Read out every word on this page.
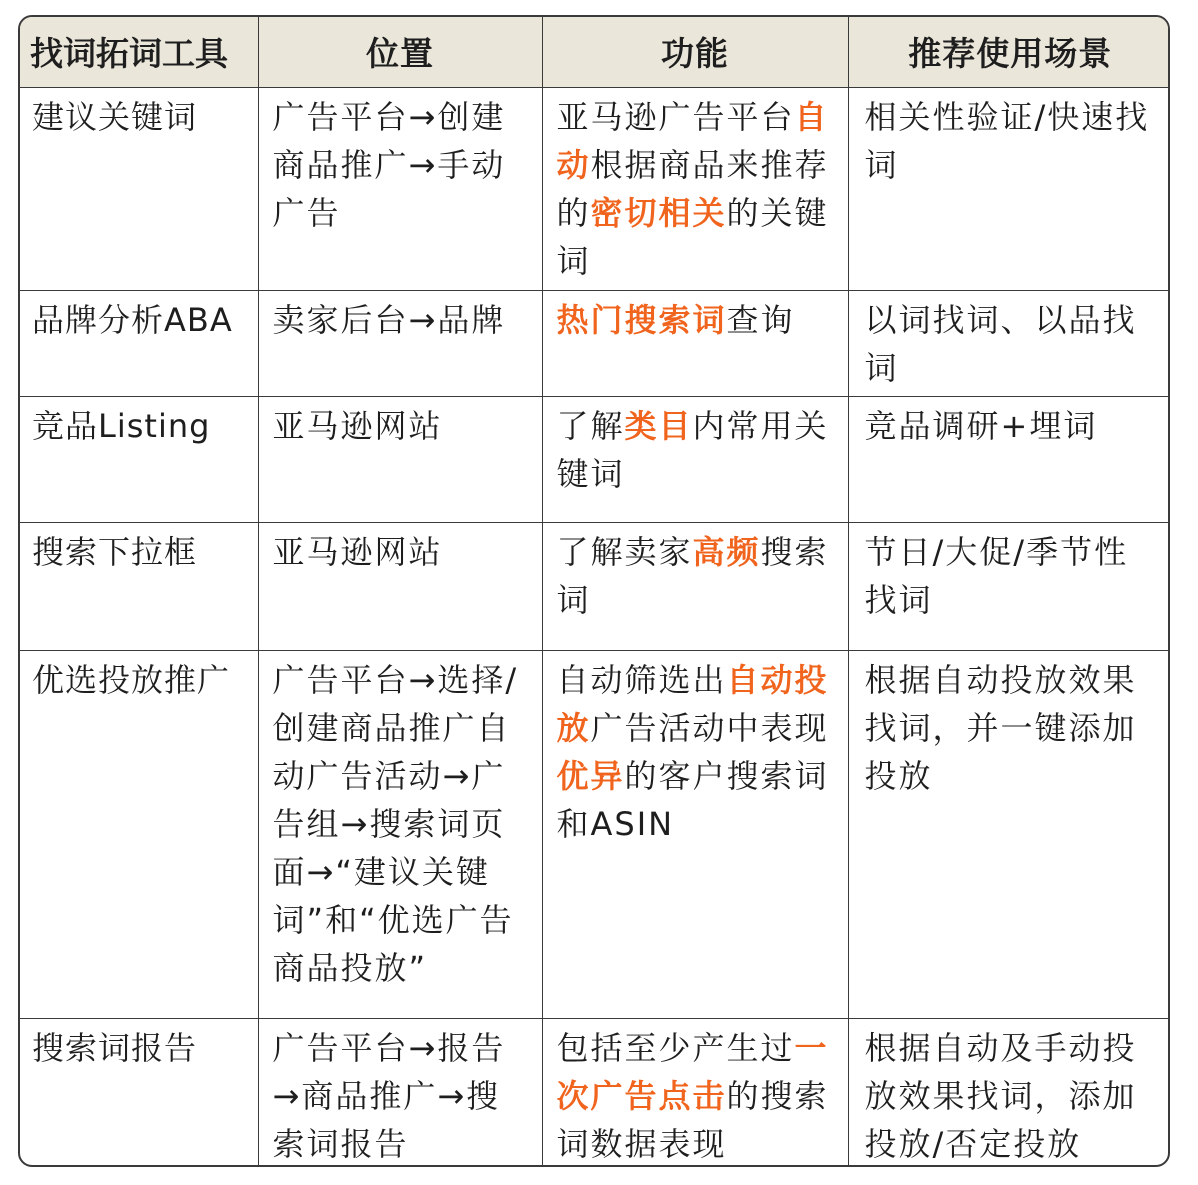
找词拓词工具	位置	功能	推荐使用场景
建议关键词	广告平台→创建商品推广→手动广告	亚马逊广告平台自动根据商品来推荐的密切相关的关键词	相关性验证/快速找词
品牌分析ABA	卖家后台→品牌	热门搜索词查询	以词找词、以品找词
竞品Listing	亚马逊网站	了解类目内常用关键词	竞品调研+埋词
搜索下拉框	亚马逊网站	了解卖家高频搜索词	节日/大促/季节性找词
优选投放推广	广告平台→选择/创建商品推广自动广告活动→广告组→搜索词页面→“建议关键词”和“优选广告商品投放”	自动筛选出自动投放广告活动中表现优异的客户搜索词和ASIN	根据自动投放效果找词，并一键添加投放
搜索词报告	广告平台→报告→商品推广→搜索词报告	包括至少产生过一次广告点击的搜索词数据表现	根据自动及手动投放效果找词，添加投放/否定投放
